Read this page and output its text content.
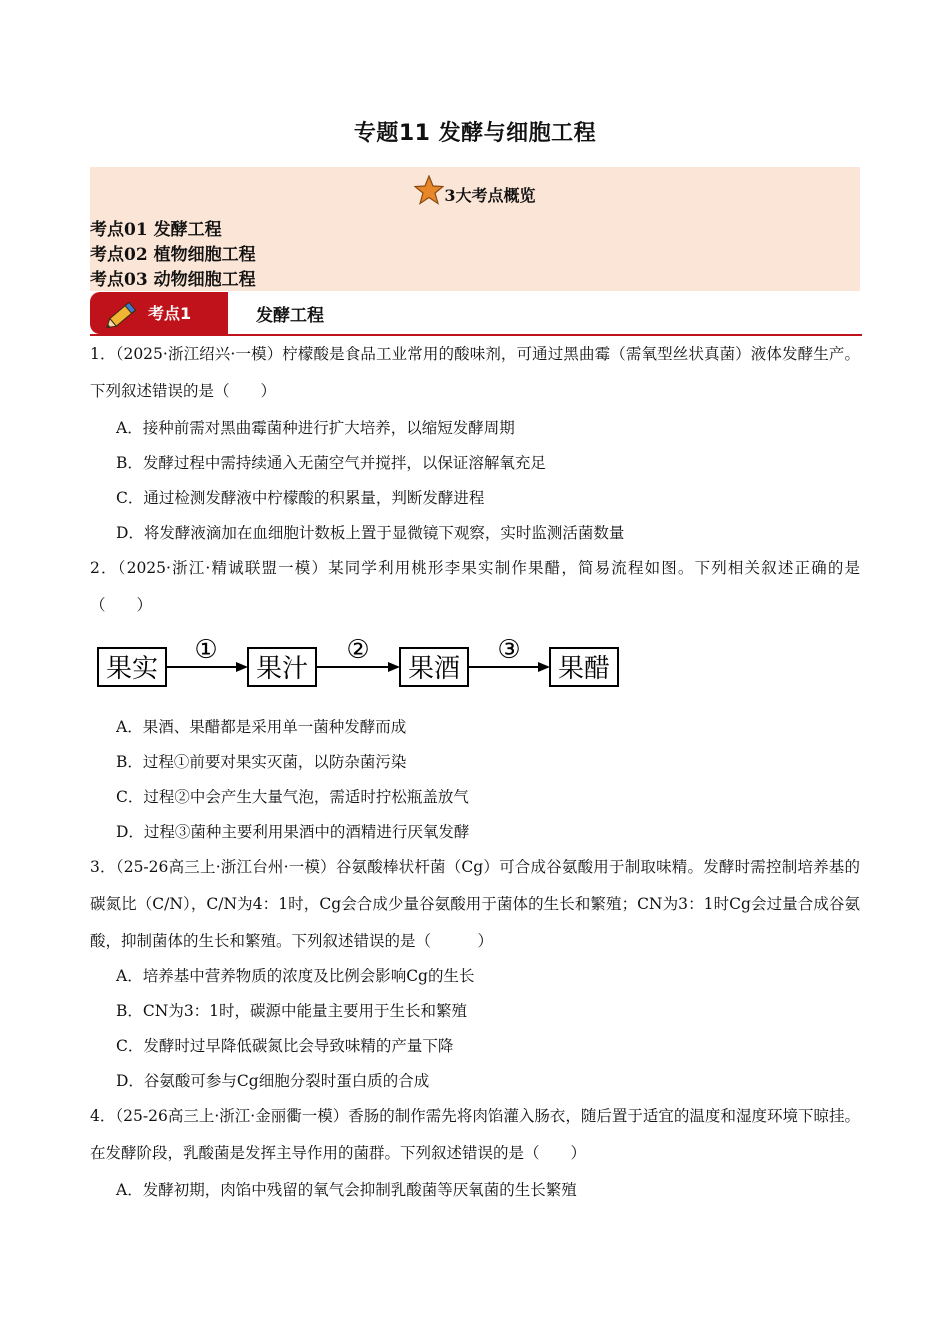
专题11 发酵与细胞工程
3大考点概览
考点01 发酵工程
考点02 植物细胞工程
考点03 动物细胞工程
考点1	发酵工程
1．（2025·浙江绍兴·一模）柠檬酸是食品工业常用的酸味剂，可通过黑曲霉（需氧型丝状真菌）液体发酵生产。下列叙述错误的是（　　）
A．接种前需对黑曲霉菌种进行扩大培养，以缩短发酵周期
B．发酵过程中需持续通入无菌空气并搅拌，以保证溶解氧充足
C．通过检测发酵液中柠檬酸的积累量，判断发酵进程
D．将发酵液滴加在血细胞计数板上置于显微镜下观察，实时监测活菌数量
2．（2025·浙江·精诚联盟一模）某同学利用桃形李果实制作果醋，简易流程如图。下列相关叙述正确的是（　　）
果实	果汁	果酒	果醋
①	②	③
A．果酒、果醋都是采用单一菌种发酵而成
B．过程①前要对果实灭菌，以防杂菌污染
C．过程②中会产生大量气泡，需适时拧松瓶盖放气
D．过程③菌种主要利用果酒中的酒精进行厌氧发酵
3．（25-26高三上·浙江台州·一模）谷氨酸棒状杆菌（Cg）可合成谷氨酸用于制取味精。发酵时需控制培养基的碳氮比（C/N），C/N为4：1时，Cg会合成少量谷氨酸用于菌体的生长和繁殖；CN为3：1时Cg会过量合成谷氨酸，抑制菌体的生长和繁殖。下列叙述错误的是（　　　）
A．培养基中营养物质的浓度及比例会影响Cg的生长
B．CN为3：1时，碳源中能量主要用于生长和繁殖
C．发酵时过早降低碳氮比会导致味精的产量下降
D．谷氨酸可参与Cg细胞分裂时蛋白质的合成
4．（25-26高三上·浙江·金丽衢一模）香肠的制作需先将肉馅灌入肠衣，随后置于适宜的温度和湿度环境下晾挂。在发酵阶段，乳酸菌是发挥主导作用的菌群。下列叙述错误的是（　　）
A．发酵初期，肉馅中残留的氧气会抑制乳酸菌等厌氧菌的生长繁殖
